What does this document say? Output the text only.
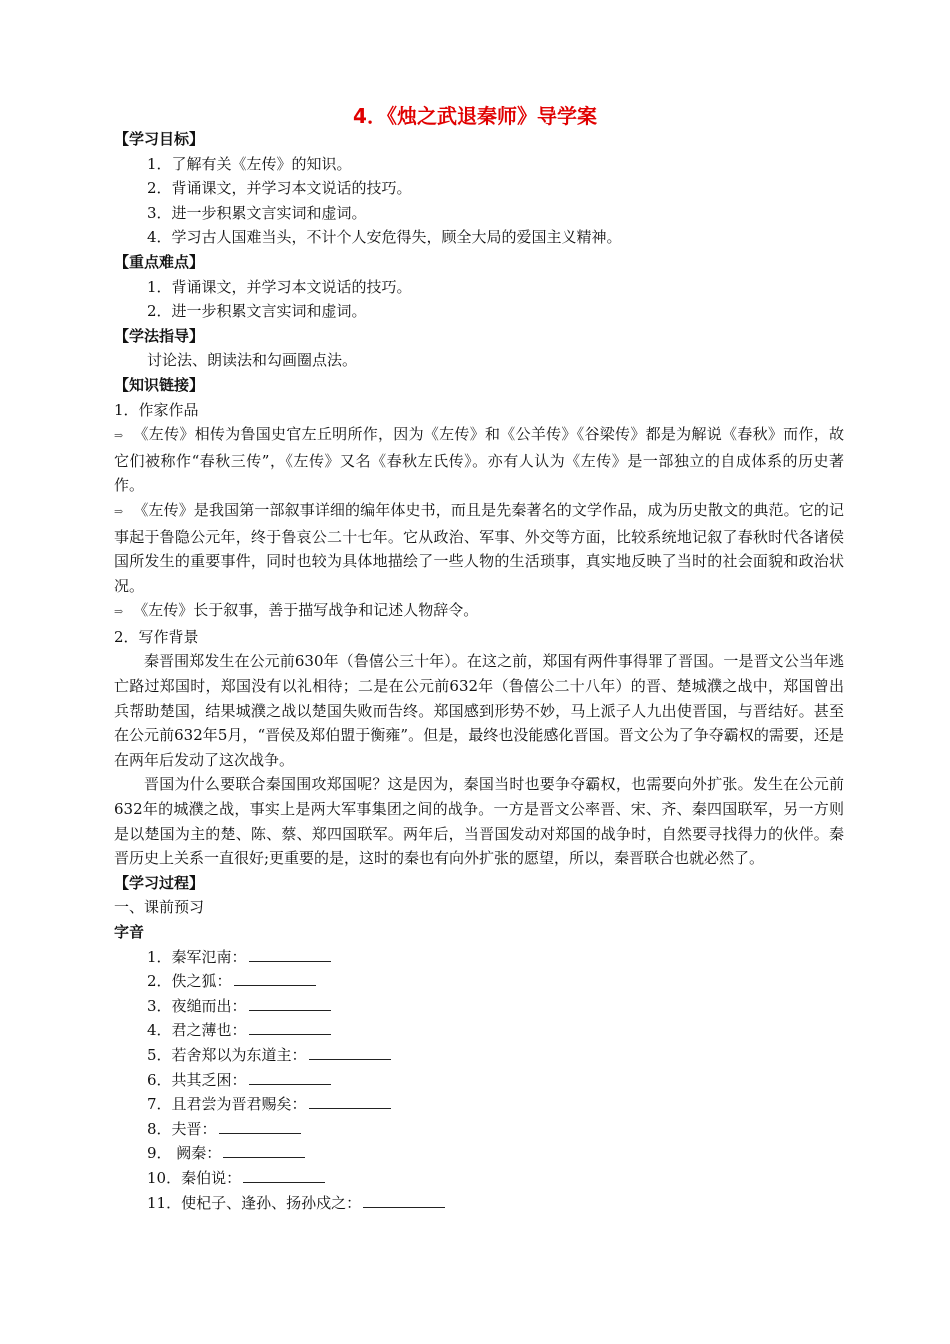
4．《烛之武退秦师》导学案
【学习目标】
1．了解有关《左传》的知识。
2．背诵课文，并学习本文说话的技巧。
3．进一步积累文言实词和虚词。
4．学习古人国难当头，不计个人安危得失，顾全大局的爱国主义精神。
【重点难点】
1．背诵课文，并学习本文说话的技巧。
2．进一步积累文言实词和虚词。
【学法指导】
讨论法、朗读法和勾画圈点法。
【知识链接】
1．作家作品
⇒ 《左传》相传为鲁国史官左丘明所作，因为《左传》和《公羊传》《谷梁传》都是为解说《春秋》而作，故它们被称作“春秋三传”，《左传》又名《春秋左氏传》。亦有人认为《左传》是一部独立的自成体系的历史著作。
⇒ 《左传》是我国第一部叙事详细的编年体史书，而且是先秦著名的文学作品，成为历史散文的典范。它的记事起于鲁隐公元年，终于鲁哀公二十七年。它从政治、军事、外交等方面，比较系统地记叙了春秋时代各诸侯国所发生的重要事件，同时也较为具体地描绘了一些人物的生活琐事，真实地反映了当时的社会面貌和政治状况。
⇒ 《左传》长于叙事，善于描写战争和记述人物辞令。
2．写作背景
秦晋围郑发生在公元前630年（鲁僖公三十年）。在这之前，郑国有两件事得罪了晋国。一是晋文公当年逃亡路过郑国时，郑国没有以礼相待；二是在公元前632年（鲁僖公二十八年）的晋、楚城濮之战中，郑国曾出兵帮助楚国，结果城濮之战以楚国失败而告终。郑国感到形势不妙，马上派子人九出使晋国，与晋结好。甚至在公元前632年5月，“晋侯及郑伯盟于衡雍”。但是，最终也没能感化晋国。晋文公为了争夺霸权的需要，还是在两年后发动了这次战争。
晋国为什么要联合秦国围攻郑国呢？这是因为，秦国当时也要争夺霸权，也需要向外扩张。发生在公元前632年的城濮之战，事实上是两大军事集团之间的战争。一方是晋文公率晋、宋、齐、秦四国联军，另一方则是以楚国为主的楚、陈、蔡、郑四国联军。两年后，当晋国发动对郑国的战争时，自然要寻找得力的伙伴。秦晋历史上关系一直很好;更重要的是，这时的秦也有向外扩张的愿望，所以，秦晋联合也就必然了。
【学习过程】
一、课前预习
字音
1．秦军氾南：
2．佚之狐：
3．夜缒而出：
4．君之薄也：
5．若舍郑以为东道主：
6．共其乏困：
7．且君尝为晋君赐矣：
8．夫晋：
9． 阙秦：
10．秦伯说：
11．使杞子、逢孙、扬孙戍之：
